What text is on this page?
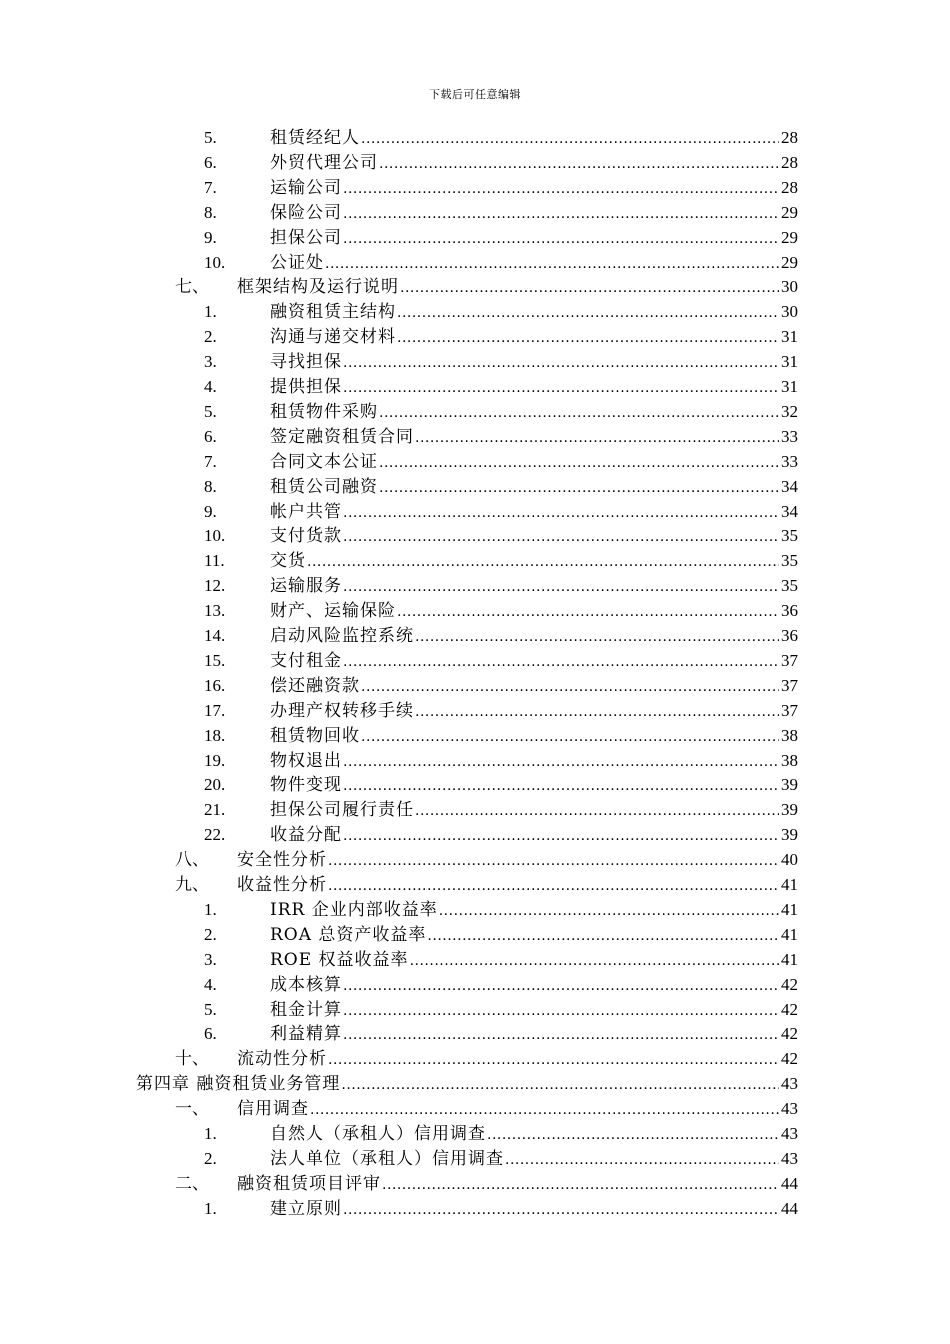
下载后可任意编辑
5.	租赁经纪人 .....	28
6.	外贸代理公司 .....	28
7.	运输公司 .....	28
8.	保险公司 .....	29
9.	担保公司 .....	29
10.	公证处 .....	29
七、	框架结构及运行说明 .....	30
1.	融资租赁主结构 .....	30
2.	沟通与递交材料 .....	31
3.	寻找担保 .....	31
4.	提供担保 .....	31
5.	租赁物件采购 .....	32
6.	签定融资租赁合同 .....	33
7.	合同文本公证 .....	33
8.	租赁公司融资 .....	34
9.	帐户共管 .....	34
10.	支付货款 .....	35
11.	交货 .....	35
12.	运输服务 .....	35
13.	财产、运输保险 .....	36
14.	启动风险监控系统 .....	36
15.	支付租金 .....	37
16.	偿还融资款 .....	37
17.	办理产权转移手续 .....	37
18.	租赁物回收 .....	38
19.	物权退出 .....	38
20.	物件变现 .....	39
21.	担保公司履行责任 .....	39
22.	收益分配 .....	39
八、	安全性分析 .....	40
九、	收益性分析 .....	41
1.	IRR 企业内部收益率 .....	41
2.	ROA 总资产收益率 .....	41
3.	ROE 权益收益率 .....	41
4.	成本核算 .....	42
5.	租金计算 .....	42
6.	利益精算 .....	42
十、	流动性分析 .....	42
第四章 融资租赁业务管理 .....	43
一、	信用调查 .....	43
1.	自然人（承租人）信用调查 .....	43
2.	法人单位（承租人）信用调查 .....	43
二、	融资租赁项目评审 .....	44
1.	建立原则 .....	44
